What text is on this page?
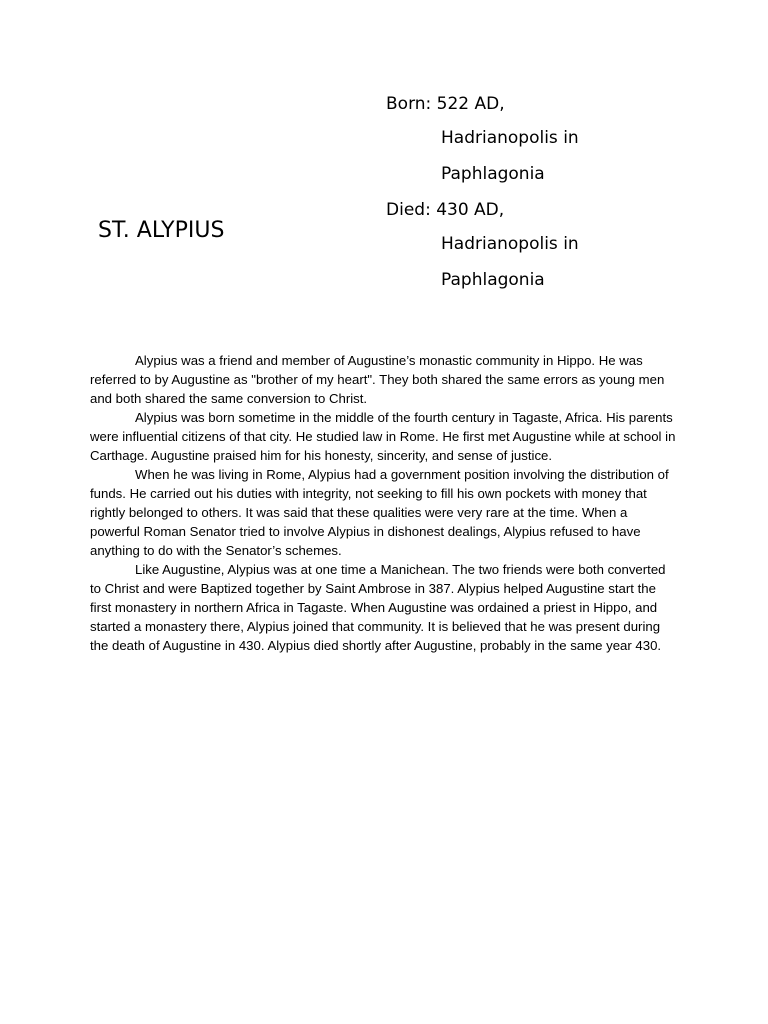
ST. ALYPIUS
Born: 522 AD,
Hadrianopolis in
Paphlagonia
Died: 430 AD,
Hadrianopolis in
Paphlagonia

Alypius was a friend and member of Augustine’s monastic community in Hippo. He was referred to by Augustine as "brother of my heart". They both shared the same errors as young men and both shared the same conversion to Christ.

Alypius was born sometime in the middle of the fourth century in Tagaste, Africa. His parents were influential citizens of that city. He studied law in Rome. He first met Augustine while at school in Carthage. Augustine praised him for his honesty, sincerity, and sense of justice.

When he was living in Rome, Alypius had a government position involving the distribution of funds. He carried out his duties with integrity, not seeking to fill his own pockets with money that rightly belonged to others. It was said that these qualities were very rare at the time. When a powerful Roman Senator tried to involve Alypius in dishonest dealings, Alypius refused to have anything to do with the Senator’s schemes.

Like Augustine, Alypius was at one time a Manichean. The two friends were both converted to Christ and were Baptized together by Saint Ambrose in 387. Alypius helped Augustine start the first monastery in northern Africa in Tagaste. When Augustine was ordained a priest in Hippo, and started a monastery there, Alypius joined that community. It is believed that he was present during the death of Augustine in 430. Alypius died shortly after Augustine, probably in the same year 430.
